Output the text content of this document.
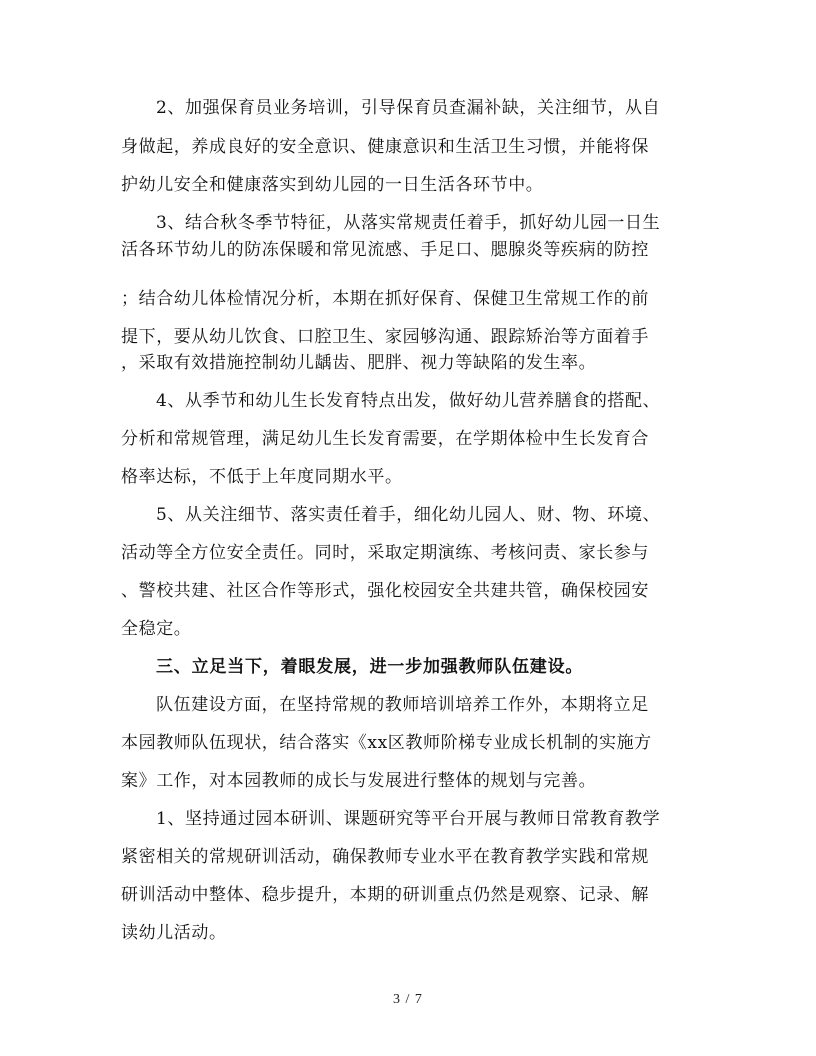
2、加强保育员业务培训，引导保育员查漏补缺，关注细节，从自
身做起，养成良好的安全意识、健康意识和生活卫生习惯，并能将保
护幼儿安全和健康落实到幼儿园的一日生活各环节中。
3、结合秋冬季节特征，从落实常规责任着手，抓好幼儿园一日生
活各环节幼儿的防冻保暖和常见流感、手足口、腮腺炎等疾病的防控
；结合幼儿体检情况分析，本期在抓好保育、保健卫生常规工作的前
提下，要从幼儿饮食、口腔卫生、家园够沟通、跟踪矫治等方面着手
，采取有效措施控制幼儿龋齿、肥胖、视力等缺陷的发生率。
4、从季节和幼儿生长发育特点出发，做好幼儿营养膳食的搭配、
分析和常规管理，满足幼儿生长发育需要，在学期体检中生长发育合
格率达标，不低于上年度同期水平。
5、从关注细节、落实责任着手，细化幼儿园人、财、物、环境、
活动等全方位安全责任。同时，采取定期演练、考核问责、家长参与
、警校共建、社区合作等形式，强化校园安全共建共管，确保校园安
全稳定。
三、立足当下，着眼发展，进一步加强教师队伍建设。
队伍建设方面，在坚持常规的教师培训培养工作外，本期将立足
本园教师队伍现状，结合落实《xx区教师阶梯专业成长机制的实施方
案》工作，对本园教师的成长与发展进行整体的规划与完善。
1、坚持通过园本研训、课题研究等平台开展与教师日常教育教学
紧密相关的常规研训活动，确保教师专业水平在教育教学实践和常规
研训活动中整体、稳步提升，本期的研训重点仍然是观察、记录、解
读幼儿活动。
3 / 7
